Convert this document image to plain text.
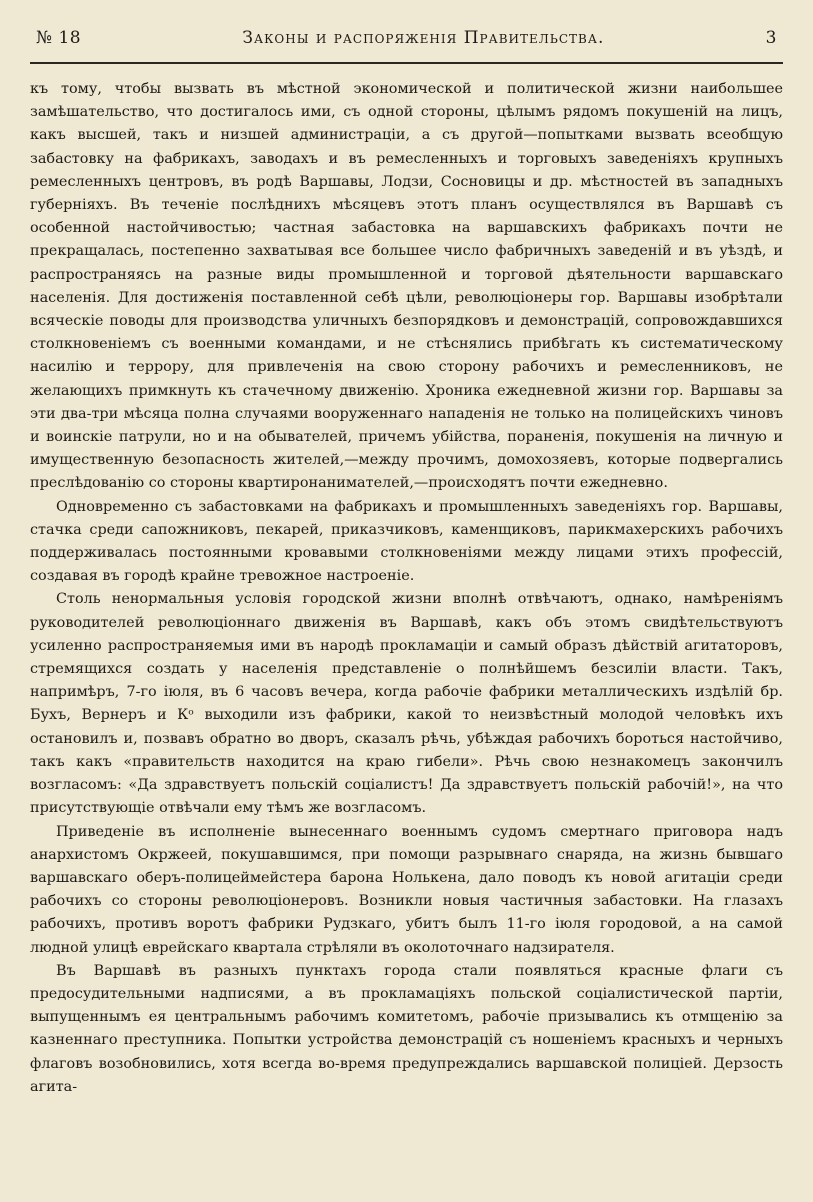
№ 18	Законы и распоряженія Правительства.	3

къ тому, чтобы вызвать въ мѣстной экономической и политической жизни наибольшее замѣшательство, что достигалось ими, съ одной стороны, цѣлымъ рядомъ покушеній на лицъ, какъ высшей, такъ и низшей администраціи, а съ другой—попытками вызвать всеобщую забастовку на фабрикахъ, заводахъ и въ ремесленныхъ и торговыхъ заведеніяхъ крупныхъ ремесленныхъ центровъ, въ родѣ Варшавы, Лодзи, Сосновицы и др. мѣстностей въ западныхъ губерніяхъ. Въ теченіе послѣднихъ мѣсяцевъ этотъ планъ осуществлялся въ Варшавѣ съ особенной настойчивостью; частная забастовка на варшавскихъ фабрикахъ почти не прекращалась, постепенно захватывая все большее число фабричныхъ заведеній и въ уѣздѣ, и распространяясь на разные виды промышленной и торговой дѣятельности варшавскаго населенія. Для достиженія поставленной себѣ цѣли, революціонеры гор. Варшавы изобрѣтали всяческіе поводы для производства уличныхъ безпорядковъ и демонстрацій, сопровождавшихся столкновеніемъ съ военными командами, и не стѣснялись прибѣгать къ систематическому насилію и террору, для привлеченія на свою сторону рабочихъ и ремесленниковъ, не желающихъ примкнуть къ стачечному движенію. Хроника ежедневной жизни гор. Варшавы за эти два-три мѣсяца полна случаями вооруженнаго нападенія не только на полицейскихъ чиновъ и воинскіе патрули, но и на обывателей, причемъ убійства, пораненія, покушенія на личную и имущественную безопасность жителей,—между прочимъ, домохозяевъ, которые подвергались преслѣдованію со стороны квартиронанимателей,—происходятъ почти ежедневно.

Одновременно съ забастовками на фабрикахъ и промышленныхъ заведеніяхъ гор. Варшавы, стачка среди сапожниковъ, пекарей, приказчиковъ, каменщиковъ, парикмахерскихъ рабочихъ поддерживалась постоянными кровавыми столкновеніями между лицами этихъ профессій, создавая въ городѣ крайне тревожное настроеніе.

Столь ненормальныя условія городской жизни вполнѣ отвѣчаютъ, однако, намѣреніямъ руководителей революціоннаго движенія въ Варшавѣ, какъ объ этомъ свидѣтельствуютъ усиленно распространяемыя ими въ народѣ прокламаціи и самый образъ дѣйствій агитаторовъ, стремящихся создать у населенія представленіе о полнѣйшемъ безсиліи власти. Такъ, напримѣръ, 7-го іюля, въ 6 часовъ вечера, когда рабочіе фабрики металлическихъ издѣлій бр. Бухъ, Вернеръ и Кᵒ выходили изъ фабрики, какой то неизвѣстный молодой человѣкъ ихъ остановилъ и, позвавъ обратно во дворъ, сказалъ рѣчь, убѣждая рабочихъ бороться настойчиво, такъ какъ «правительств находится на краю гибели». Рѣчь свою незнакомецъ закончилъ возгласомъ: «Да здравствуетъ польскій соціалистъ! Да здравствуетъ польскій рабочій!», на что присутствующіе отвѣчали ему тѣмъ же возгласомъ.

Приведеніе въ исполненіе вынесеннаго военнымъ судомъ смертнаго приговора надъ анархистомъ Окржеей, покушавшимся, при помощи разрывнаго снаряда, на жизнь бывшаго варшавскаго оберъ-полицеймейстера барона Нолькена, дало поводъ къ новой агитаціи среди рабочихъ со стороны революціонеровъ. Возникли новыя частичныя забастовки. На глазахъ рабочихъ, противъ воротъ фабрики Рудзкаго, убитъ былъ 11-го іюля городовой, а на самой людной улицѣ еврейскаго квартала стрѣляли въ околоточнаго надзирателя.

Въ Варшавѣ въ разныхъ пунктахъ города стали появляться красные флаги съ предосудительными надписями, а въ прокламаціяхъ польской соціалистической партіи, выпущеннымъ ея центральнымъ рабочимъ комитетомъ, рабочіе призывались къ отмщенію за казненнаго преступника. Попытки устройства демонстрацій съ ношеніемъ красныхъ и черныхъ флаговъ возобновились, хотя всегда во-время предупреждались варшавской полиціей. Дерзость агита-
